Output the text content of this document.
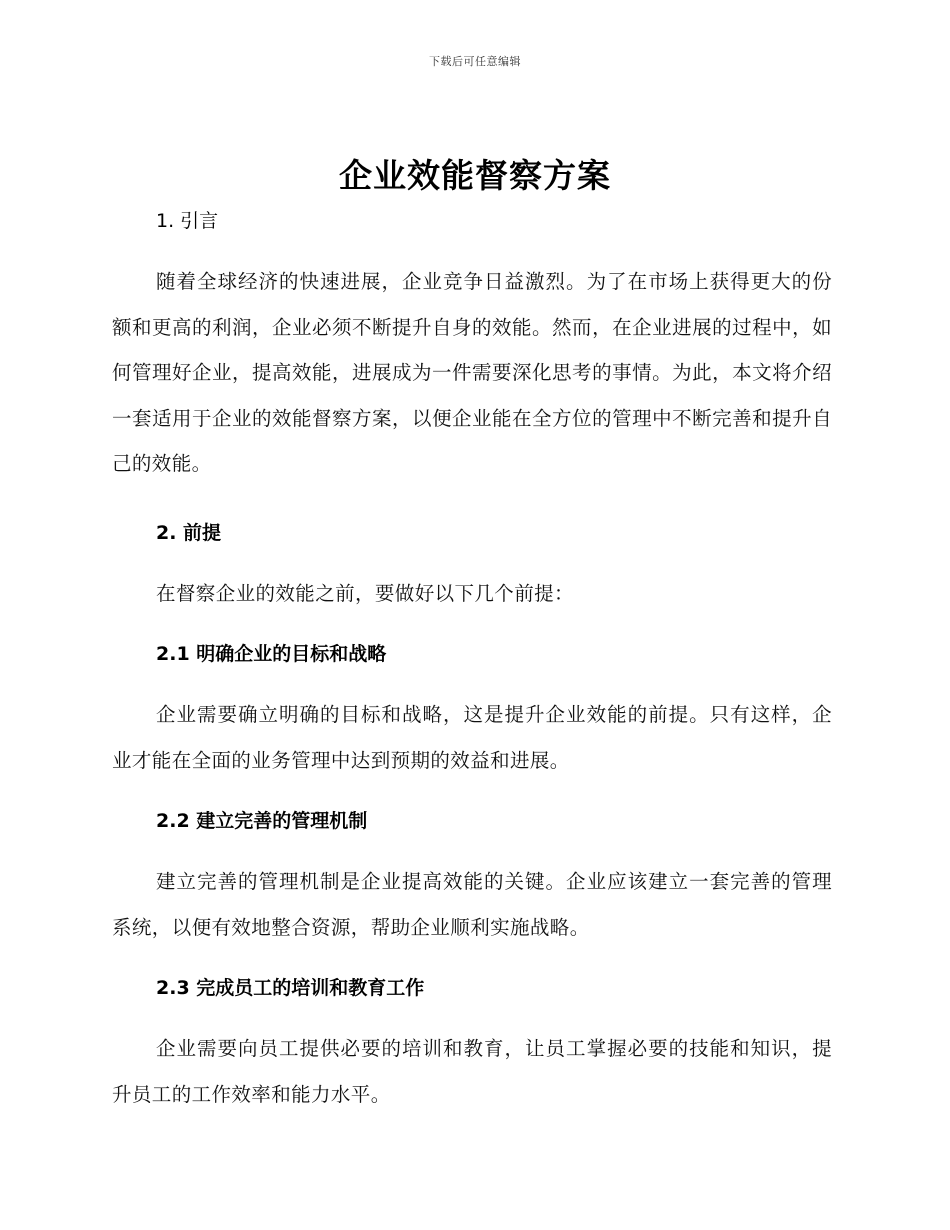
下载后可任意编辑
企业效能督察方案
1. 引言

随着全球经济的快速进展，企业竞争日益激烈。为了在市场上获得更大的份额和更高的利润，企业必须不断提升自身的效能。然而，在企业进展的过程中，如何管理好企业，提高效能，进展成为一件需要深化思考的事情。为此，本文将介绍一套适用于企业的效能督察方案，以便企业能在全方位的管理中不断完善和提升自己的效能。

2. 前提

在督察企业的效能之前，要做好以下几个前提：

2.1 明确企业的目标和战略

企业需要确立明确的目标和战略，这是提升企业效能的前提。只有这样，企业才能在全面的业务管理中达到预期的效益和进展。

2.2 建立完善的管理机制

建立完善的管理机制是企业提高效能的关键。企业应该建立一套完善的管理系统，以便有效地整合资源，帮助企业顺利实施战略。

2.3 完成员工的培训和教育工作

企业需要向员工提供必要的培训和教育，让员工掌握必要的技能和知识，提升员工的工作效率和能力水平。
